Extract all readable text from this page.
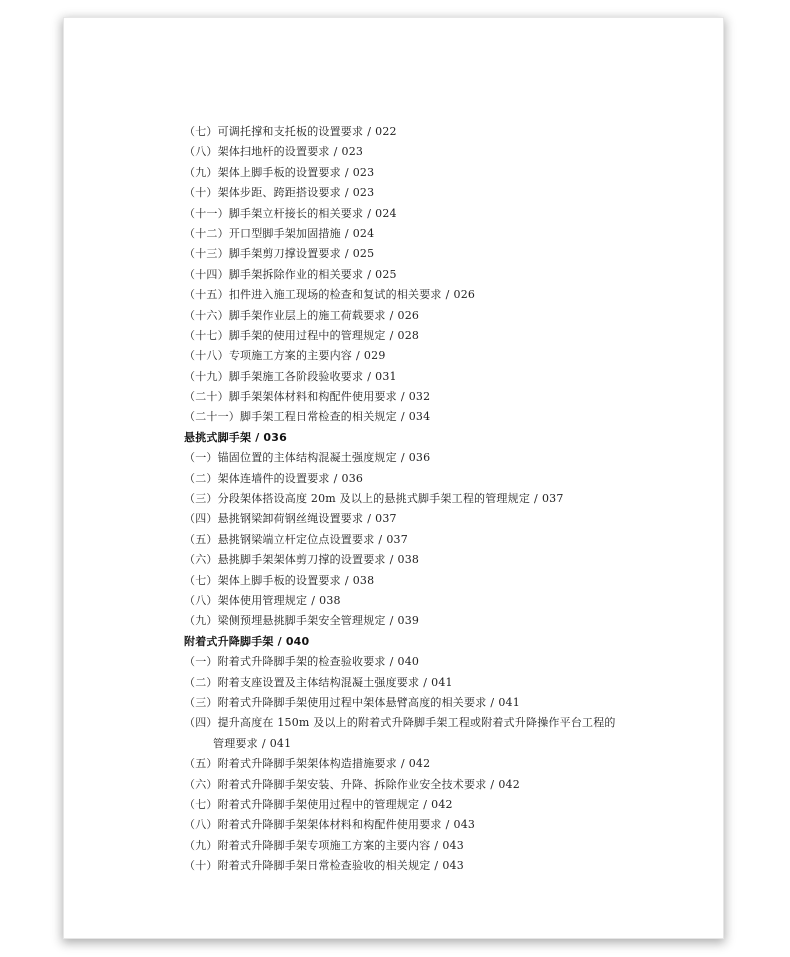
（七）可调托撑和支托板的设置要求 / 022
（八）架体扫地杆的设置要求 / 023
（九）架体上脚手板的设置要求 / 023
（十）架体步距、跨距搭设要求 / 023
（十一）脚手架立杆接长的相关要求 / 024
（十二）开口型脚手架加固措施 / 024
（十三）脚手架剪刀撑设置要求 / 025
（十四）脚手架拆除作业的相关要求 / 025
（十五）扣件进入施工现场的检查和复试的相关要求 / 026
（十六）脚手架作业层上的施工荷载要求 / 026
（十七）脚手架的使用过程中的管理规定 / 028
（十八）专项施工方案的主要内容 / 029
（十九）脚手架施工各阶段验收要求 / 031
（二十）脚手架架体材料和构配件使用要求 / 032
（二十一）脚手架工程日常检查的相关规定 / 034
悬挑式脚手架 / 036
（一）锚固位置的主体结构混凝土强度规定 / 036
（二）架体连墙件的设置要求 / 036
（三）分段架体搭设高度 20m 及以上的悬挑式脚手架工程的管理规定 / 037
（四）悬挑钢梁卸荷钢丝绳设置要求 / 037
（五）悬挑钢梁端立杆定位点设置要求 / 037
（六）悬挑脚手架架体剪刀撑的设置要求 / 038
（七）架体上脚手板的设置要求 / 038
（八）架体使用管理规定 / 038
（九）梁侧预埋悬挑脚手架安全管理规定 / 039
附着式升降脚手架 / 040
（一）附着式升降脚手架的检查验收要求 / 040
（二）附着支座设置及主体结构混凝土强度要求 / 041
（三）附着式升降脚手架使用过程中架体悬臂高度的相关要求 / 041
（四）提升高度在 150m 及以上的附着式升降脚手架工程或附着式升降操作平台工程的
管理要求 / 041
（五）附着式升降脚手架架体构造措施要求 / 042
（六）附着式升降脚手架安装、升降、拆除作业安全技术要求 / 042
（七）附着式升降脚手架使用过程中的管理规定 / 042
（八）附着式升降脚手架架体材料和构配件使用要求 / 043
（九）附着式升降脚手架专项施工方案的主要内容 / 043
（十）附着式升降脚手架日常检查验收的相关规定 / 043
